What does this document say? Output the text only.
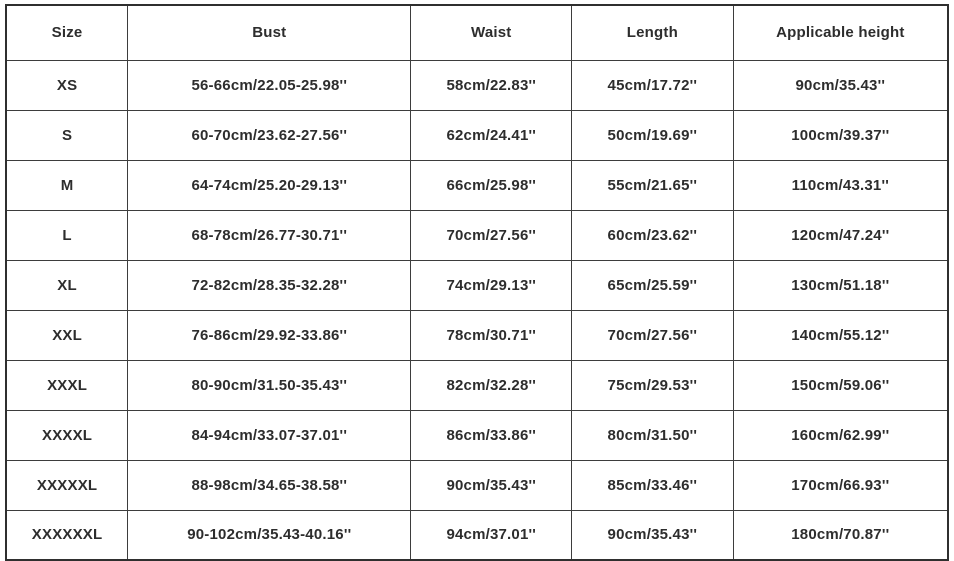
Size	Bust	Waist	Length	Applicable height
XS	56-66cm/22.05-25.98''	58cm/22.83''	45cm/17.72''	90cm/35.43''
S	60-70cm/23.62-27.56''	62cm/24.41''	50cm/19.69''	100cm/39.37''
M	64-74cm/25.20-29.13''	66cm/25.98''	55cm/21.65''	110cm/43.31''
L	68-78cm/26.77-30.71''	70cm/27.56''	60cm/23.62''	120cm/47.24''
XL	72-82cm/28.35-32.28''	74cm/29.13''	65cm/25.59''	130cm/51.18''
XXL	76-86cm/29.92-33.86''	78cm/30.71''	70cm/27.56''	140cm/55.12''
XXXL	80-90cm/31.50-35.43''	82cm/32.28''	75cm/29.53''	150cm/59.06''
XXXXL	84-94cm/33.07-37.01''	86cm/33.86''	80cm/31.50''	160cm/62.99''
XXXXXL	88-98cm/34.65-38.58''	90cm/35.43''	85cm/33.46''	170cm/66.93''
XXXXXXL	90-102cm/35.43-40.16''	94cm/37.01''	90cm/35.43''	180cm/70.87''
